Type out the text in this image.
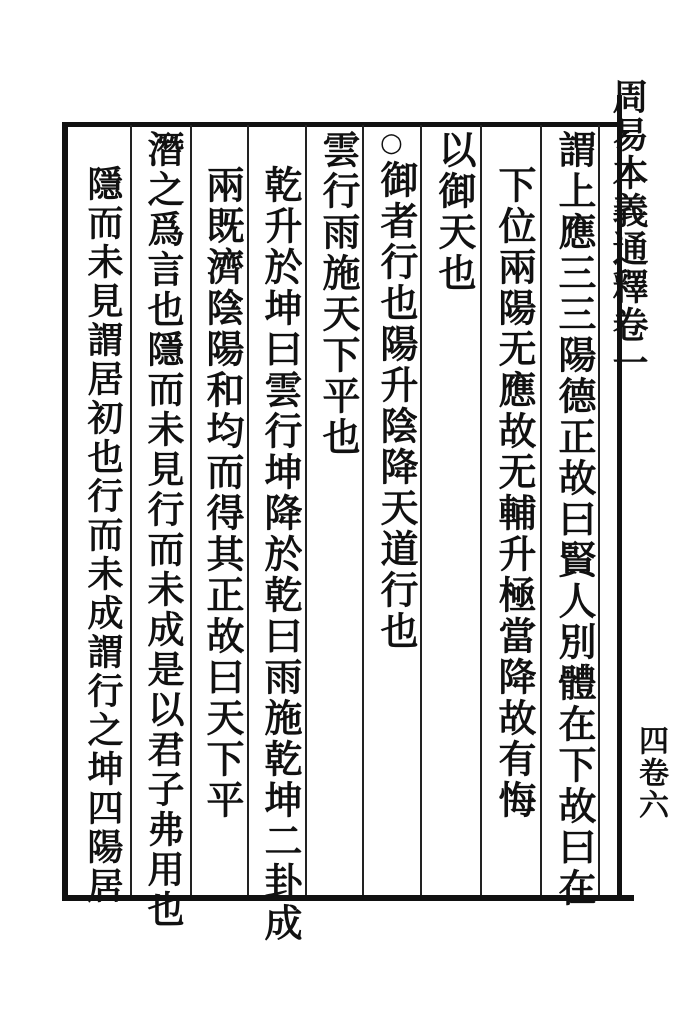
周易本義通釋卷一
四卷六
謂上應三三陽德正故曰賢人別體在下故曰在
下位兩陽无應故无輔升極當降故有悔
以御天也
○
御者行也陽升陰降天道行也
雲行雨施天下平也
乾升於坤曰雲行坤降於乾曰雨施乾坤二卦成
兩既濟陰陽和均而得其正故曰天下平
潛之爲言也隱而未見行而未成是以君子弗用也
隱而未見謂居初也行而未成謂行之坤四陽居
